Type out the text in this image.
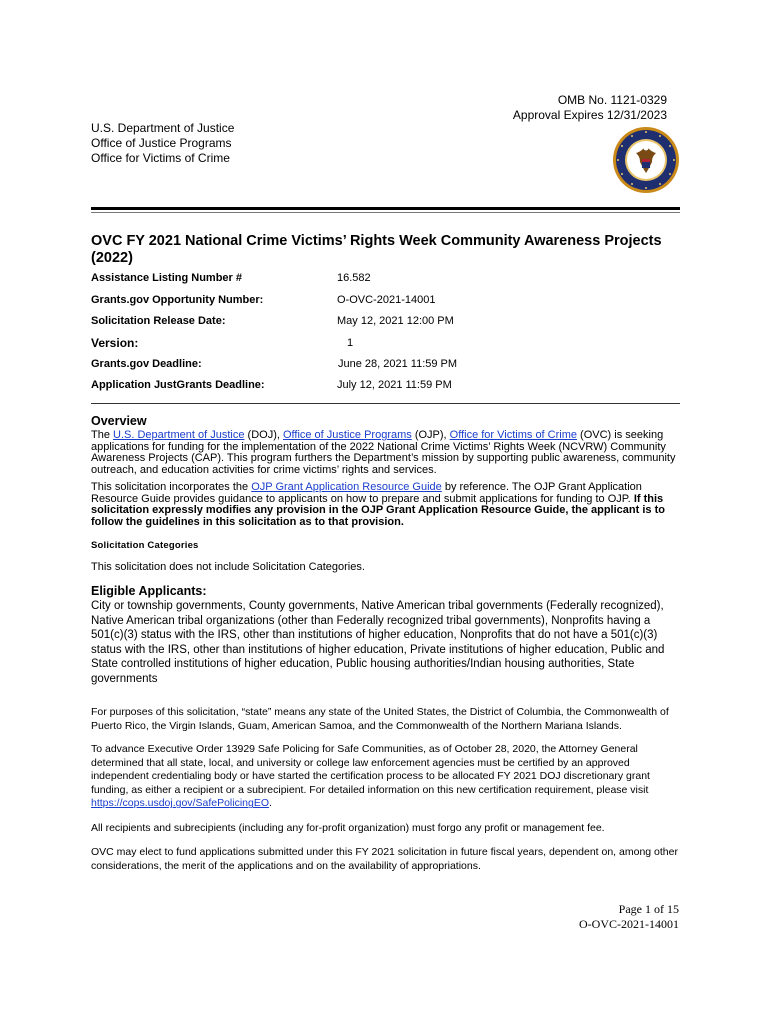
OMB No. 1121-0329
Approval Expires 12/31/2023
U.S. Department of Justice
Office of Justice Programs
Office for Victims of Crime
OVC FY 2021 National Crime Victims’ Rights Week Community Awareness Projects (2022)
Assistance Listing Number #	16.582
Grants.gov Opportunity Number:	O-OVC-2021-14001
Solicitation Release Date:	May 12, 2021 12:00 PM
Version:	1
Grants.gov Deadline:	June 28, 2021 11:59 PM
Application JustGrants Deadline:	July 12, 2021 11:59 PM
Overview
The U.S. Department of Justice (DOJ), Office of Justice Programs (OJP), Office for Victims of Crime (OVC) is seeking applications for funding for the implementation of the 2022 National Crime Victims’ Rights Week (NCVRW) Community Awareness Projects (CAP). This program furthers the Department’s mission by supporting public awareness, community outreach, and education activities for crime victims’ rights and services.
This solicitation incorporates the OJP Grant Application Resource Guide by reference. The OJP Grant Application Resource Guide provides guidance to applicants on how to prepare and submit applications for funding to OJP. If this solicitation expressly modifies any provision in the OJP Grant Application Resource Guide, the applicant is to follow the guidelines in this solicitation as to that provision.
Solicitation Categories
This solicitation does not include Solicitation Categories.
Eligible Applicants:
City or township governments, County governments, Native American tribal governments (Federally recognized), Native American tribal organizations (other than Federally recognized tribal governments), Nonprofits having a 501(c)(3) status with the IRS, other than institutions of higher education, Nonprofits that do not have a 501(c)(3) status with the IRS, other than institutions of higher education, Private institutions of higher education, Public and State controlled institutions of higher education, Public housing authorities/Indian housing authorities, State governments
For purposes of this solicitation, “state” means any state of the United States, the District of Columbia, the Commonwealth of Puerto Rico, the Virgin Islands, Guam, American Samoa, and the Commonwealth of the Northern Mariana Islands.
To advance Executive Order 13929 Safe Policing for Safe Communities, as of October 28, 2020, the Attorney General determined that all state, local, and university or college law enforcement agencies must be certified by an approved independent credentialing body or have started the certification process to be allocated FY 2021 DOJ discretionary grant funding, as either a recipient or a subrecipient. For detailed information on this new certification requirement, please visit https://cops.usdoj.gov/SafePolicingEO.
All recipients and subrecipients (including any for-profit organization) must forgo any profit or management fee.
OVC may elect to fund applications submitted under this FY 2021 solicitation in future fiscal years, dependent on, among other considerations, the merit of the applications and on the availability of appropriations.
Page 1 of 15
O-OVC-2021-14001
